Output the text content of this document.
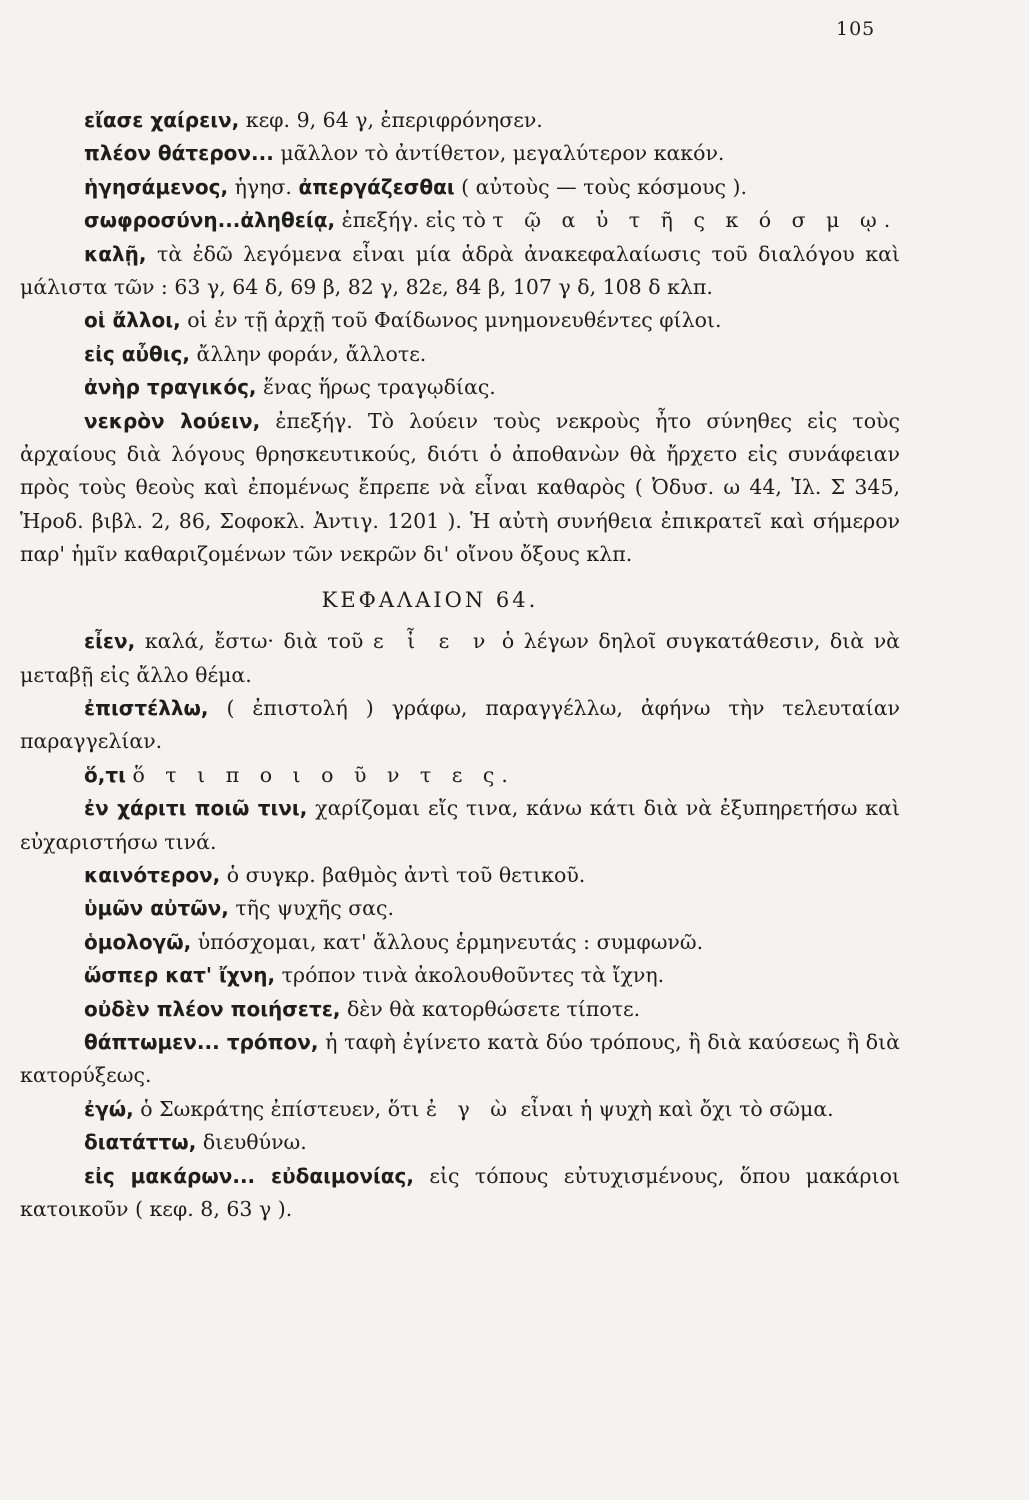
105

εἴασε χαίρειν, κεφ. 9, 64 γ, ἐπεριφρόνησεν.

πλέον θάτερον... μᾶλλον τὸ ἀντίθετον, μεγαλύτερον κακόν.

ἡγησάμενος, ἡγησ. ἀπεργάζεσθαι ( αὐτοὺς — τοὺς κόσμους ).

σωφροσύνη...ἀληθείᾳ, ἐπεξήγ. εἰς τὸ τ ῷ α ὐ τ ῆ ς κ ό σ μ ῳ.

καλῇ, τὰ ἐδῶ λεγόμενα εἶναι μία ἁδρὰ ἀνακεφαλαίωσις τοῦ διαλόγου καὶ μάλιστα τῶν : 63 γ, 64 δ, 69 β, 82 γ, 82ε, 84 β, 107 γ δ, 108 δ κλπ.

οἱ ἄλλοι, οἱ ἐν τῇ ἀρχῇ τοῦ Φαίδωνος μνημονευθέντες φίλοι.

εἰς αὖθις, ἄλλην φοράν, ἄλλοτε.

ἀνὴρ τραγικός, ἕνας ἥρως τραγῳδίας.

νεκρὸν λούειν, ἐπεξήγ. Τὸ λούειν τοὺς νεκροὺς ἦτο σύνηθες εἰς τοὺς ἀρχαίους διὰ λόγους θρησκευτικούς, διότι ὁ ἀποθανὼν θὰ ἤρχετο εἰς συνάφειαν πρὸς τοὺς θεοὺς καὶ ἐπομένως ἔπρεπε νὰ εἶναι καθαρὸς ( Ὀδυσ. ω 44, Ἰλ. Σ 345, Ἡροδ. βιβλ. 2, 86, Σοφοκλ. Ἀντιγ. 1201 ). Ἡ αὐτὴ συνήθεια ἐπικρατεῖ καὶ σήμερον παρ' ἡμῖν καθαριζομένων τῶν νεκρῶν δι' οἴνου ὄξους κλπ.

ΚΕΦΑΛΑΙΟΝ 64.

εἶεν, καλά, ἔστω· διὰ τοῦ ε ἶ ε ν ὁ λέγων δηλοῖ συγκατάθεσιν, διὰ νὰ μεταβῇ εἰς ἄλλο θέμα.

ἐπιστέλλω, ( ἐπιστολή ) γράφω, παραγγέλλω, ἀφήνω τὴν τελευταίαν παραγγελίαν.

ὅ,τι ὅ τ ι π ο ι ο ῦ ν τ ε ς.

ἐν χάριτι ποιῶ τινι, χαρίζομαι εἴς τινα, κάνω κάτι διὰ νὰ ἐξυπηρετήσω καὶ εὐχαριστήσω τινά.

καινότερον, ὁ συγκρ. βαθμὸς ἀντὶ τοῦ θετικοῦ.

ὑμῶν αὐτῶν, τῆς ψυχῆς σας.

ὁμολογῶ, ὑπόσχομαι, κατ' ἄλλους ἑρμηνευτάς : συμφωνῶ.

ὥσπερ κατ' ἴχνη, τρόπον τινὰ ἀκολουθοῦντες τὰ ἴχνη.

οὐδὲν πλέον ποιήσετε, δὲν θὰ κατορθώσετε τίποτε.

θάπτωμεν... τρόπον, ἡ ταφὴ ἐγίνετο κατὰ δύο τρόπους, ἢ διὰ καύσεως ἢ διὰ κατορύξεως.

ἐγώ, ὁ Σωκράτης ἐπίστευεν, ὅτι ἐ γ ὼ εἶναι ἡ ψυχὴ καὶ ὄχι τὸ σῶμα.

διατάττω, διευθύνω.

εἰς μακάρων... εὐδαιμονίας, εἰς τόπους εὐτυχισμένους, ὅπου μακάριοι κατοικοῦν ( κεφ. 8, 63 γ ).
